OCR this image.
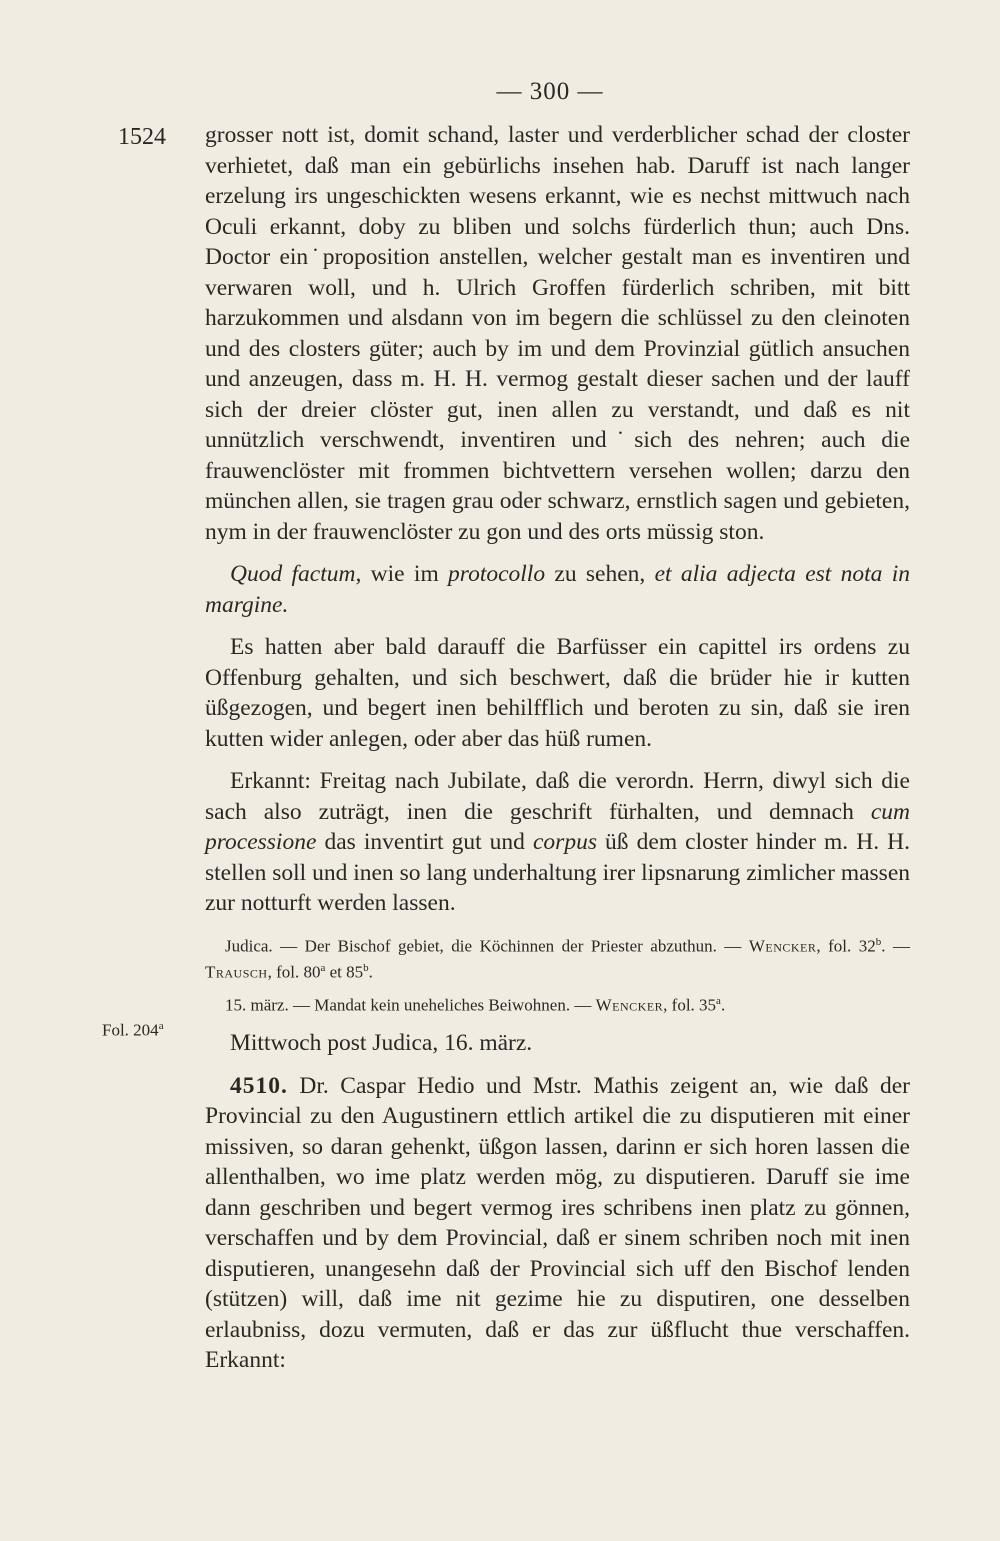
— 300 —
1524
Fol. 204$^a$

grosser nott ist, domit schand, laster und verderblicher schad der closter verhietet, daß man ein gebürlichs insehen hab. Daruff ist nach langer erzelung irs ungeschickten wesens erkannt, wie es nechst mittwuch nach Oculi erkannt, doby zu bliben und solchs fürderlich thun; auch Dns. Doctor ein˙proposition anstellen, welcher gestalt man es inventiren und verwaren woll, und h. Ulrich Groffen fürderlich schriben, mit bitt harzukommen und alsdann von im begern die schlüssel zu den cleinoten und des closters güter; auch by im und dem Provinzial gütlich ansuchen und anzeugen, dass m. H. H. vermog gestalt dieser sachen und der lauff sich der dreier clöster gut, inen allen zu verstandt, und daß es nit unnützlich verschwendt, inventiren und˙sich des nehren; auch die frauwenclöster mit frommen bichtvettern versehen wollen; darzu den münchen allen, sie tragen grau oder schwarz, ernstlich sagen und gebieten, nym in der frauwenclöster zu gon und des orts müssig ston.

Quod factum, wie im protocollo zu sehen, et alia adjecta est nota in margine.

Es hatten aber bald darauff die Barfüsser ein capittel irs ordens zu Offenburg gehalten, und sich beschwert, daß die brüder hie ir kutten üßgezogen, und begert inen behilfflich und beroten zu sin, daß sie iren kutten wider anlegen, oder aber das hüß rumen.

Erkannt: Freitag nach Jubilate, daß die verordn. Herrn, diwyl sich die sach also zuträgt, inen die geschrift fürhalten, und demnach cum processione das inventirt gut und corpus üß dem closter hinder m. H. H. stellen soll und inen so lang underhaltung irer lipsnarung zimlicher massen zur notturft werden lassen.

Judica. — Der Bischof gebiet, die Köchinnen der Priester abzuthun. — Wencker, fol. 32$^b$. — Trausch, fol. 80$^a$ et 85$^b$.

15. märz. — Mandat kein uneheliches Beiwohnen. — Wencker, fol. 35$^a$.

Mittwoch post Judica, 16. märz.

4510. Dr. Caspar Hedio und Mstr. Mathis zeigent an, wie daß der Provincial zu den Augustinern ettlich artikel die zu disputieren mit einer missiven, so daran gehenkt, üßgon lassen, darinn er sich horen lassen die allenthalben, wo ime platz werden mög, zu disputieren. Daruff sie ime dann geschriben und begert vermog ires schribens inen platz zu gönnen, verschaffen und by dem Provincial, daß er sinem schriben noch mit inen disputieren, unangesehn daß der Provincial sich uff den Bischof lenden (stützen) will, daß ime nit gezime hie zu disputiren, one desselben erlaubniss, dozu vermuten, daß er das zur üßflucht thue verschaffen. Erkannt:
